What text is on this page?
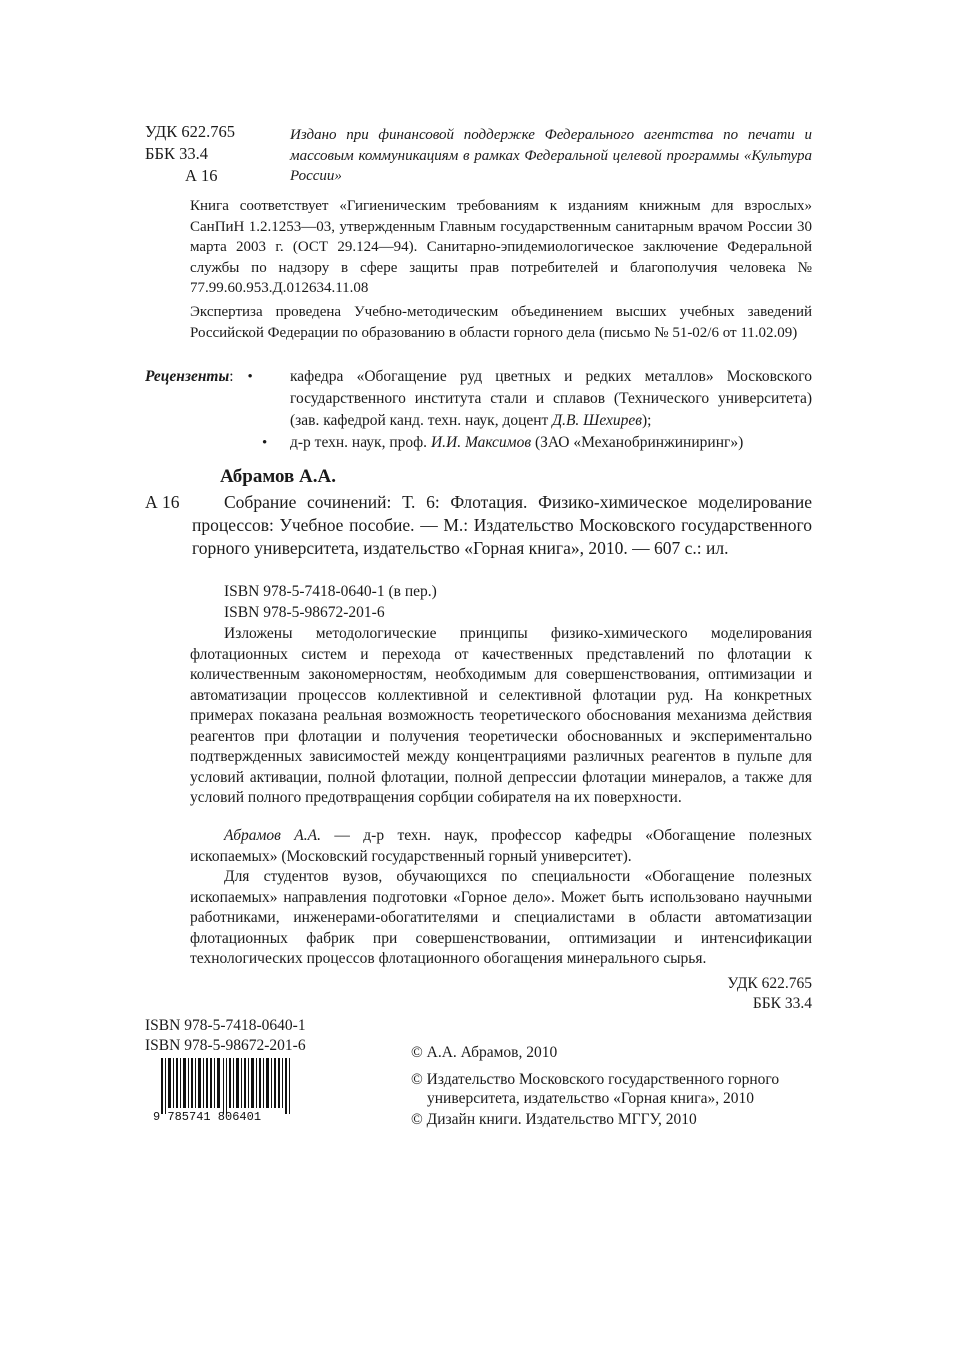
УДК 622.765
ББК 33.4
А 16
Издано при финансовой поддержке Федерального агентства по печати и массовым коммуникациям в рамках Федеральной целевой программы «Культура России»
Книга соответствует «Гигиеническим требованиям к изданиям книжным для взрослых» СанПиН 1.2.1253—03, утвержденным Главным государственным санитарным врачом России 30 марта 2003 г. (ОСТ 29.124—94). Санитарно-эпидемиологическое заключение Федеральной службы по надзору в сфере защиты прав потребителей и благополучия человека № 77.99.60.953.Д.012634.11.08
Экспертиза проведена Учебно-методическим объединением высших учебных заведений Российской Федерации по образованию в области горного дела (письмо № 51-02/6 от 11.02.09)
Рецензенты: • кафедра «Обогащение руд цветных и редких металлов» Московского государственного института стали и сплавов (Технического университета) (зав. кафедрой канд. техн. наук, доцент Д.В. Шехирев);
• д-р техн. наук, проф. И.И. Максимов (ЗАО «Механобринжиниринг»)
Абрамов А.А.
А 16	Собрание сочинений: Т. 6: Флотация. Физико-химическое моделирование процессов: Учебное пособие. — М.: Издательство Московского государственного горного университета, издательство «Горная книга», 2010. — 607 с.: ил.
ISBN 978-5-7418-0640-1 (в пер.)
ISBN 978-5-98672-201-6
Изложены методологические принципы физико-химического моделирования флотационных систем и перехода от качественных представлений по флотации к количественным закономерностям, необходимым для совершенствования, оптимизации и автоматизации процессов коллективной и селективной флотации руд. На конкретных примерах показана реальная возможность теоретического обоснования механизма действия реагентов при флотации и получения теоретически обоснованных и экспериментально подтвержденных зависимостей между концентрациями различных реагентов в пульпе для условий активации, полной флотации, полной депрессии флотации минералов, а также для условий полного предотвращения сорбции собирателя на их поверхности.
Абрамов А.А. — д-р техн. наук, профессор кафедры «Обогащение полезных ископаемых» (Московский государственный горный университет).
Для студентов вузов, обучающихся по специальности «Обогащение полезных ископаемых» направления подготовки «Горное дело». Может быть использовано научными работниками, инженерами-обогатителями и специалистами в области автоматизации флотационных фабрик при совершенствовании, оптимизации и интенсификации технологических процессов флотационного обогащения минерального сырья.
УДК 622.765
ББК 33.4
ISBN 978-5-7418-0640-1
ISBN 978-5-98672-201-6
9 785741 806401
© А.А. Абрамов, 2010
© Издательство Московского государственного горного
университета, издательство «Горная книга», 2010
© Дизайн книги. Издательство МГГУ, 2010
